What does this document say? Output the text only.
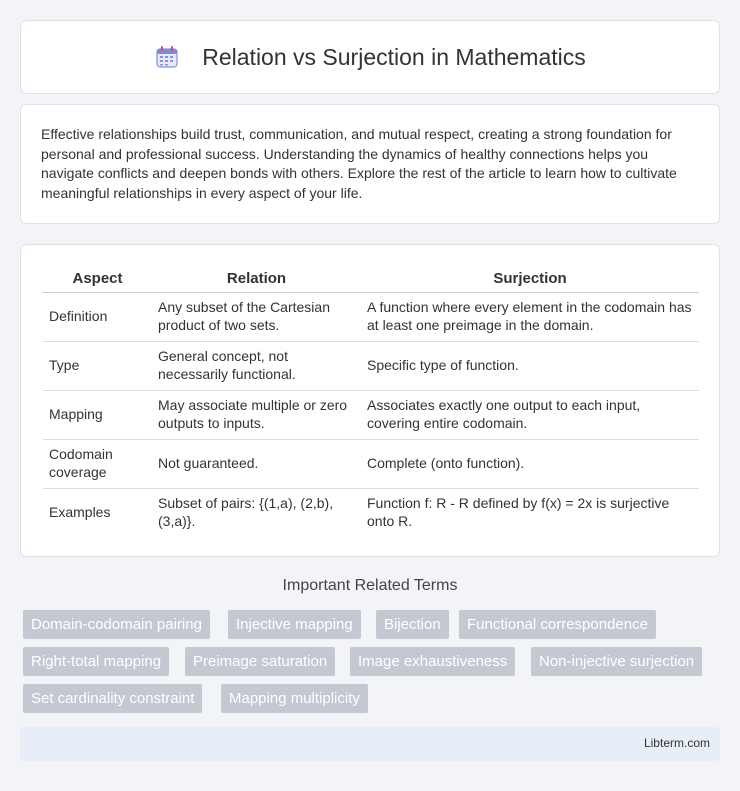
Relation vs Surjection in Mathematics

Effective relationships build trust, communication, and mutual respect, creating a strong foundation for personal and professional success. Understanding the dynamics of healthy connections helps you navigate conflicts and deepen bonds with others. Explore the rest of the article to learn how to cultivate meaningful relationships in every aspect of your life.

Aspect	Relation	Surjection
Definition	Any subset of the Cartesian product of two sets.	A function where every element in the codomain has at least one preimage in the domain.
Type	General concept, not necessarily functional.	Specific type of function.
Mapping	May associate multiple or zero outputs to inputs.	Associates exactly one output to each input, covering entire codomain.
Codomain coverage	Not guaranteed.	Complete (onto function).
Examples	Subset of pairs: {(1,a), (2,b), (3,a)}.	Function f: R - R defined by f(x) = 2x is surjective onto R.
Important Related Terms
Domain-codomain pairing	Injective mapping	Bijection	Functional correspondence
Right-total mapping	Preimage saturation	Image exhaustiveness	Non-injective surjection
Set cardinality constraint	Mapping multiplicity
Libterm.com
